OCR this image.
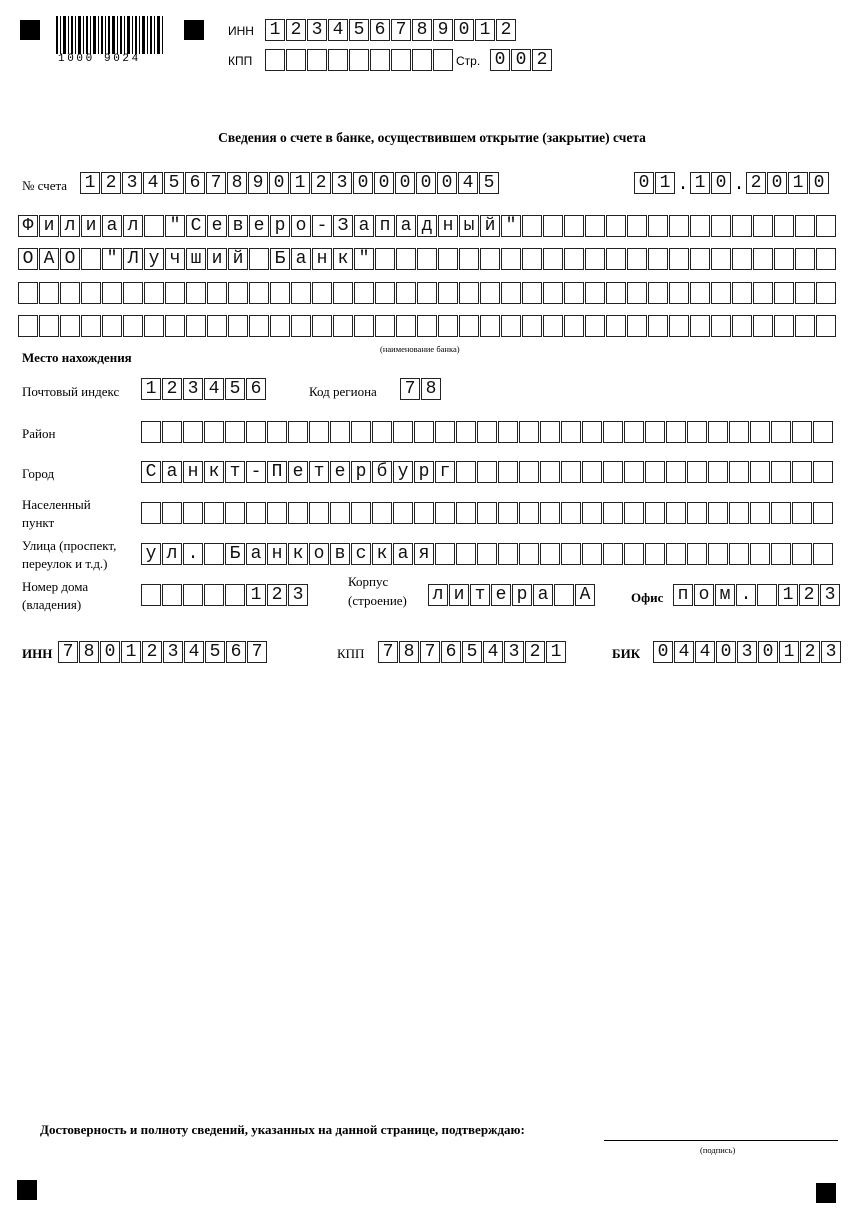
1000 9024
ИНН 1 2 3 4 5 6 7 8 9 0 1 2
КПП	Стр. 0 0 2
Сведения о счете в банке, осуществившем открытие (закрытие) счета
№ счета 1 2 3 4 5 6 7 8 9 0 1 2 3 0 0 0 0 0 4 5	0 1 . 1 0 . 2 0 1 0
Ф и л и а л " С е в е р о - З а п а д н ы й "
О А О " Л у ч ш и й Б а н к "
(наименование банка)
Место нахождения
Почтовый индекс 1 2 3 4 5 6	Код региона 7 8
Район
Город	С а н к т - П е т е р б у р г
Населенный
пункт
Улица (проспект,
переулок и т.д.) у л . Б а н к о в с к а я
Номер дома
(владения)	1 2 3
Корпус
(строение) л и т е р а А	Офис п о м . 1 2 3
ИНН 7 8 0 1 2 3 4 5 6 7	КПП 7 8 7 6 5 4 3 2 1	БИК 0 4 4 0 3 0 1 2 3
Достоверность и полноту сведений, указанных на данной странице, подтверждаю:
(подпись)
